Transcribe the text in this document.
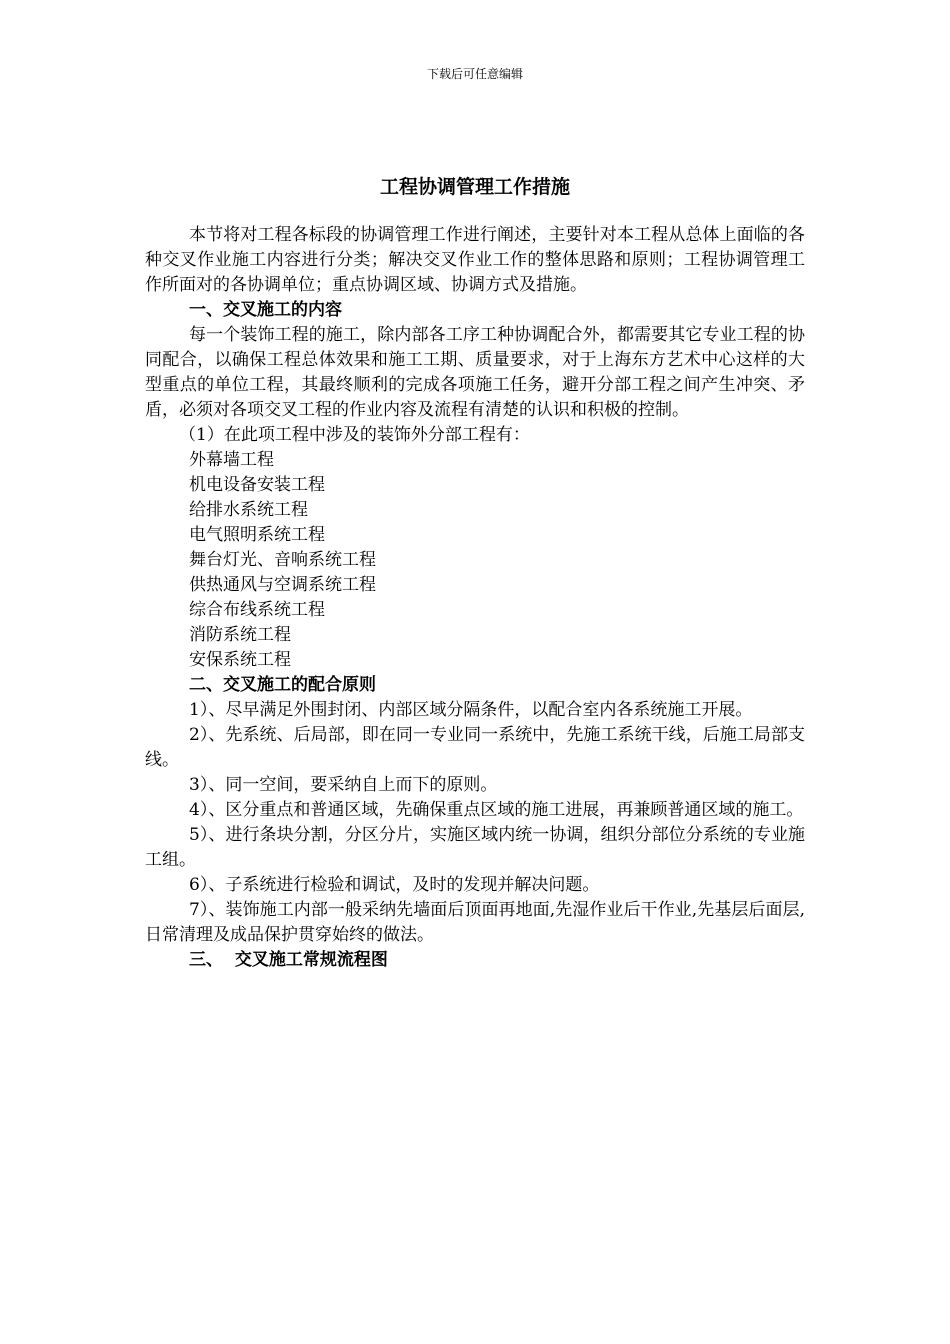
下载后可任意编辑
工程协调管理工作措施

本节将对工程各标段的协调管理工作进行阐述，主要针对本工程从总体上面临的各种交叉作业施工内容进行分类；解决交叉作业工作的整体思路和原则；工程协调管理工作所面对的各协调单位；重点协调区域、协调方式及措施。

一、交叉施工的内容

每一个装饰工程的施工，除内部各工序工种协调配合外，都需要其它专业工程的协同配合，以确保工程总体效果和施工工期、质量要求，对于上海东方艺术中心这样的大型重点的单位工程，其最终顺利的完成各项施工任务，避开分部工程之间产生冲突、矛盾，必须对各项交叉工程的作业内容及流程有清楚的认识和积极的控制。

（1）在此项工程中涉及的装饰外分部工程有：
外幕墙工程
机电设备安装工程
给排水系统工程
电气照明系统工程
舞台灯光、音响系统工程
供热通风与空调系统工程
综合布线系统工程
消防系统工程
安保系统工程
二、交叉施工的配合原则

1）、尽早满足外围封闭、内部区域分隔条件，以配合室内各系统施工开展。

2）、先系统、后局部，即在同一专业同一系统中，先施工系统干线，后施工局部支线。

3）、同一空间，要采纳自上而下的原则。

4）、区分重点和普通区域，先确保重点区域的施工进展，再兼顾普通区域的施工。

5）、进行条块分割，分区分片，实施区域内统一协调，组织分部位分系统的专业施工组。

6）、子系统进行检验和调试，及时的发现并解决问题。

7）、装饰施工内部一般采纳先墙面后顶面再地面,先湿作业后干作业,先基层后面层,日常清理及成品保护贯穿始终的做法。

三、  交叉施工常规流程图
